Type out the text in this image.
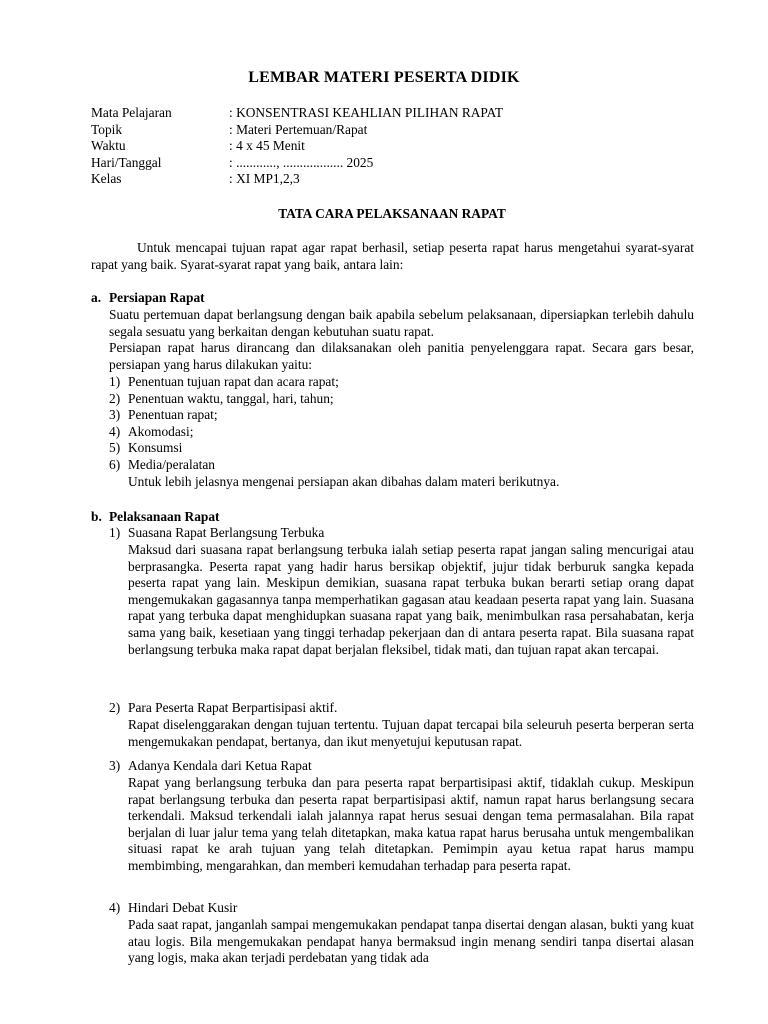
LEMBAR MATERI PESERTA DIDIK
Mata Pelajaran	: KONSENTRASI KEAHLIAN PILIHAN RAPAT
Topik	: Materi Pertemuan/Rapat
Waktu	: 4 x 45 Menit
Hari/Tanggal	: ............, .................. 2025
Kelas	: XI MP1,2,3
TATA CARA PELAKSANAAN RAPAT
Untuk mencapai tujuan rapat agar rapat berhasil, setiap peserta rapat harus mengetahui syarat-syarat rapat yang baik. Syarat-syarat rapat yang baik, antara lain:
a. Persiapan Rapat
Suatu pertemuan dapat berlangsung dengan baik apabila sebelum pelaksanaan, dipersiapkan terlebih dahulu segala sesuatu yang berkaitan dengan kebutuhan suatu rapat.
Persiapan rapat harus dirancang dan dilaksanakan oleh panitia penyelenggara rapat. Secara gars besar, persiapan yang harus dilakukan yaitu:
1) Penentuan tujuan rapat dan acara rapat;
2) Penentuan waktu, tanggal, hari, tahun;
3) Penentuan rapat;
4) Akomodasi;
5) Konsumsi
6) Media/peralatan
Untuk lebih jelasnya mengenai persiapan akan dibahas dalam materi berikutnya.
b. Pelaksanaan Rapat
1) Suasana Rapat Berlangsung Terbuka
Maksud dari suasana rapat berlangsung terbuka ialah setiap peserta rapat jangan saling mencurigai atau berprasangka. Peserta rapat yang hadir harus bersikap objektif, jujur tidak berburuk sangka kepada peserta rapat yang lain. Meskipun demikian, suasana rapat terbuka bukan berarti setiap orang dapat mengemukakan gagasannya tanpa memperhatikan gagasan atau keadaan peserta rapat yang lain. Suasana rapat yang terbuka dapat menghidupkan suasana rapat yang baik, menimbulkan rasa persahabatan, kerja sama yang baik, kesetiaan yang tinggi terhadap pekerjaan dan di antara peserta rapat. Bila suasana rapat berlangsung terbuka maka rapat dapat berjalan fleksibel, tidak mati, dan tujuan rapat akan tercapai.
2) Para Peserta Rapat Berpartisipasi aktif.
Rapat diselenggarakan dengan tujuan tertentu. Tujuan dapat tercapai bila seleuruh peserta berperan serta mengemukakan pendapat, bertanya, dan ikut menyetujui keputusan rapat.
3) Adanya Kendala dari Ketua Rapat
Rapat yang berlangsung terbuka dan para peserta rapat berpartisipasi aktif, tidaklah cukup. Meskipun rapat berlangsung terbuka dan peserta rapat berpartisipasi aktif, namun rapat harus berlangsung secara terkendali. Maksud terkendali ialah jalannya rapat herus sesuai dengan tema permasalahan. Bila rapat berjalan di luar jalur tema yang telah ditetapkan, maka katua rapat harus berusaha untuk mengembalikan situasi rapat ke arah tujuan yang telah ditetapkan. Pemimpin ayau ketua rapat harus mampu membimbing, mengarahkan, dan memberi kemudahan terhadap para peserta rapat.
4) Hindari Debat Kusir
Pada saat rapat, janganlah sampai mengemukakan pendapat tanpa disertai dengan alasan, bukti yang kuat atau logis. Bila mengemukakan pendapat hanya bermaksud ingin menang sendiri tanpa disertai alasan yang logis, maka akan terjadi perdebatan yang tidak ada
